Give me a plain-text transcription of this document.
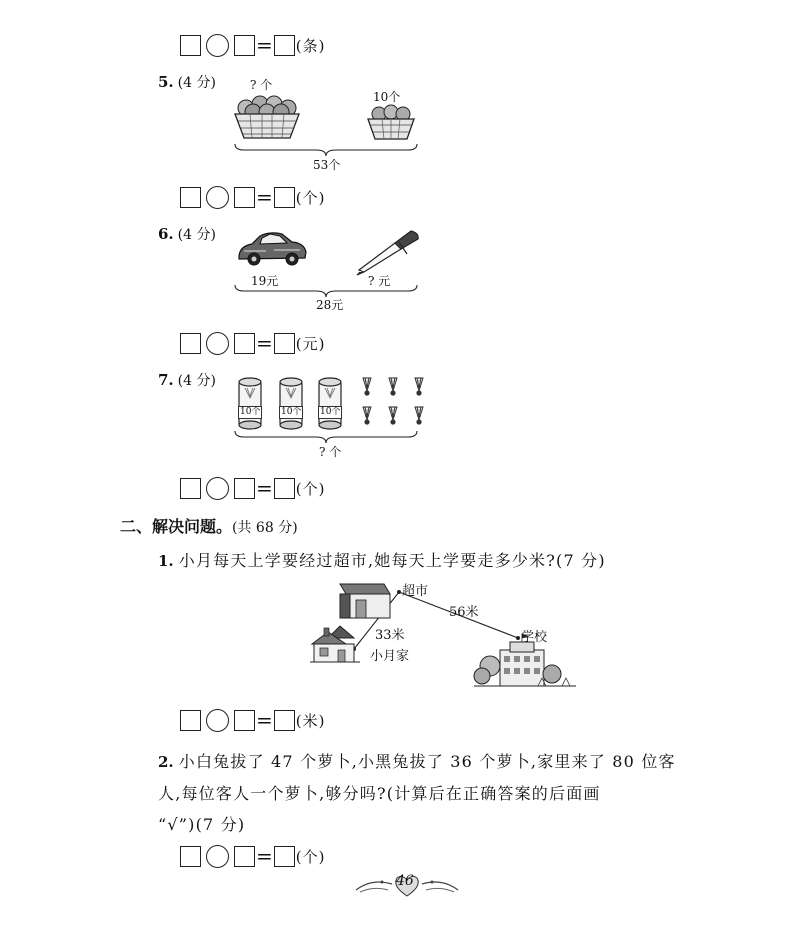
= (条)
5. (4 分)	? 个
10个
53个
= (个)
6. (4 分)
19元	? 元
28元
= (元)
7. (4 分)
10个 10个 10个
? 个
= (个)
二、解决问题。(共 68 分)
1. 小月每天上学要经过超市,她每天上学要走多少米?(7 分)
超市
56米
学校
33米
小月家
= (米)
2. 小白兔拔了 47 个萝卜,小黑兔拔了 36 个萝卜,家里来了 80 位客
人,每位客人一个萝卜,够分吗?(计算后在正确答案的后面画
“√”)(7 分)
= (个)
46
